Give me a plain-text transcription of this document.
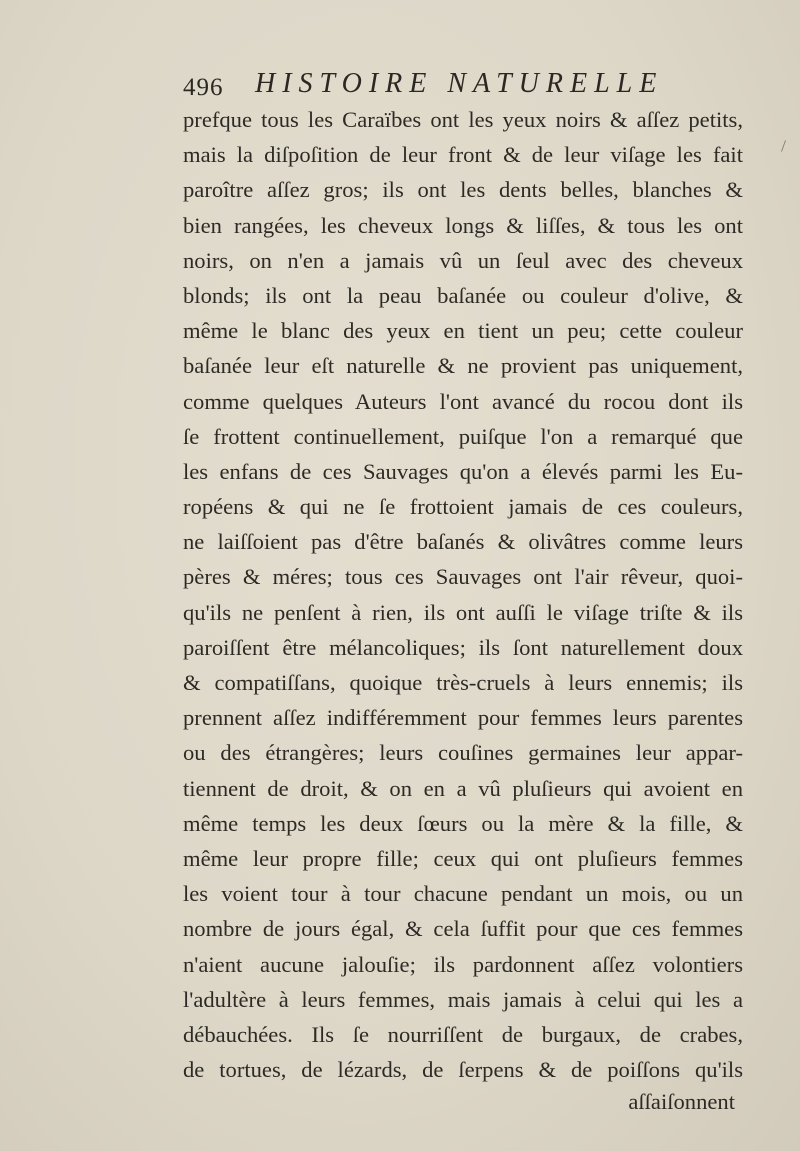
496 HISTOIRE NATURELLE
prefque tous les Caraïbes ont les yeux noirs & aſſez petits,
mais la diſpoſition de leur front & de leur viſage les fait
paroître aſſez gros; ils ont les dents belles, blanches &
bien rangées, les cheveux longs & liſſes, & tous les ont
noirs, on n'en a jamais vû un ſeul avec des cheveux
blonds; ils ont la peau baſanée ou couleur d'olive, &
même le blanc des yeux en tient un peu; cette couleur
baſanée leur eſt naturelle & ne provient pas uniquement,
comme quelques Auteurs l'ont avancé du rocou dont ils
ſe frottent continuellement, puiſque l'on a remarqué que
les enfans de ces Sauvages qu'on a élevés parmi les Eu-
ropéens & qui ne ſe frottoient jamais de ces couleurs,
ne laiſſoient pas d'être baſanés & olivâtres comme leurs
pères & méres; tous ces Sauvages ont l'air rêveur, quoi-
qu'ils ne penſent à rien, ils ont auſſi le viſage triſte & ils
paroiſſent être mélancoliques; ils ſont naturellement doux
& compatiſſans, quoique très-cruels à leurs ennemis; ils
prennent aſſez indifféremment pour femmes leurs parentes
ou des étrangères; leurs couſines germaines leur appar-
tiennent de droit, & on en a vû pluſieurs qui avoient en
même temps les deux ſœurs ou la mère & la fille, &
même leur propre fille; ceux qui ont pluſieurs femmes
les voient tour à tour chacune pendant un mois, ou un
nombre de jours égal, & cela ſuffit pour que ces femmes
n'aient aucune jalouſie; ils pardonnent aſſez volontiers
l'adultère à leurs femmes, mais jamais à celui qui les a
débauchées. Ils ſe nourriſſent de burgaux, de crabes,
de tortues, de lézards, de ſerpens & de poiſſons qu'ils
aſſaiſonnent
